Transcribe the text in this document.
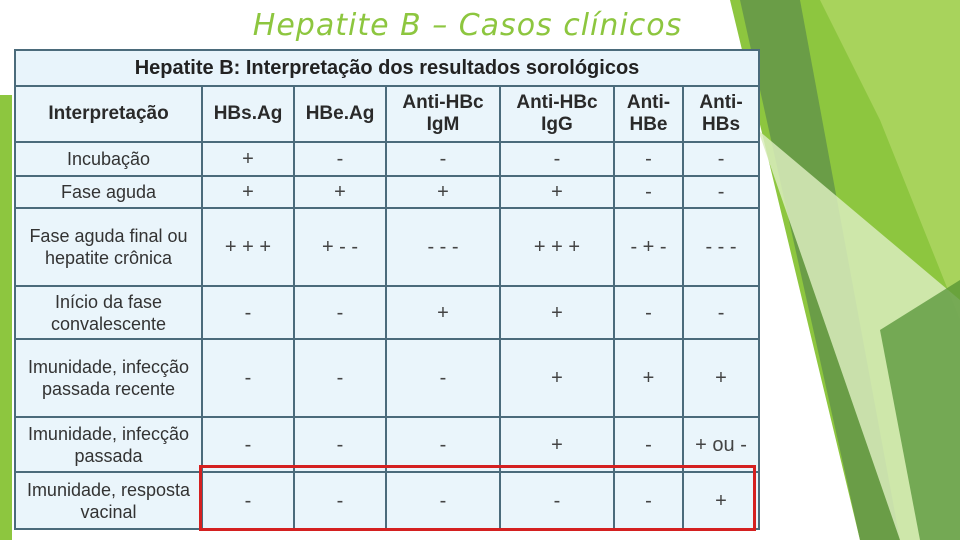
Hepatite B – Casos clínicos
Hepatite B: Interpretação dos resultados sorológicos						
Interpretação	HBs.Ag	HBe.Ag	Anti-HBc IgM	Anti-HBc IgG	Anti-HBe	Anti-HBs
Incubação	+	-	-	-	-	-
Fase aguda	+	+	+	+	-	-
Fase aguda final ou hepatite crônica	+ + +	+ - -	- - -	+ + +	- + -	- - -
Início da fase convalescente	-	-	+	+	-	-
Imunidade, infecção passada recente	-	-	-	+	+	+
Imunidade, infecção passada	-	-	-	+	-	+ ou -
Imunidade, resposta vacinal	-	-	-	-	-	+
